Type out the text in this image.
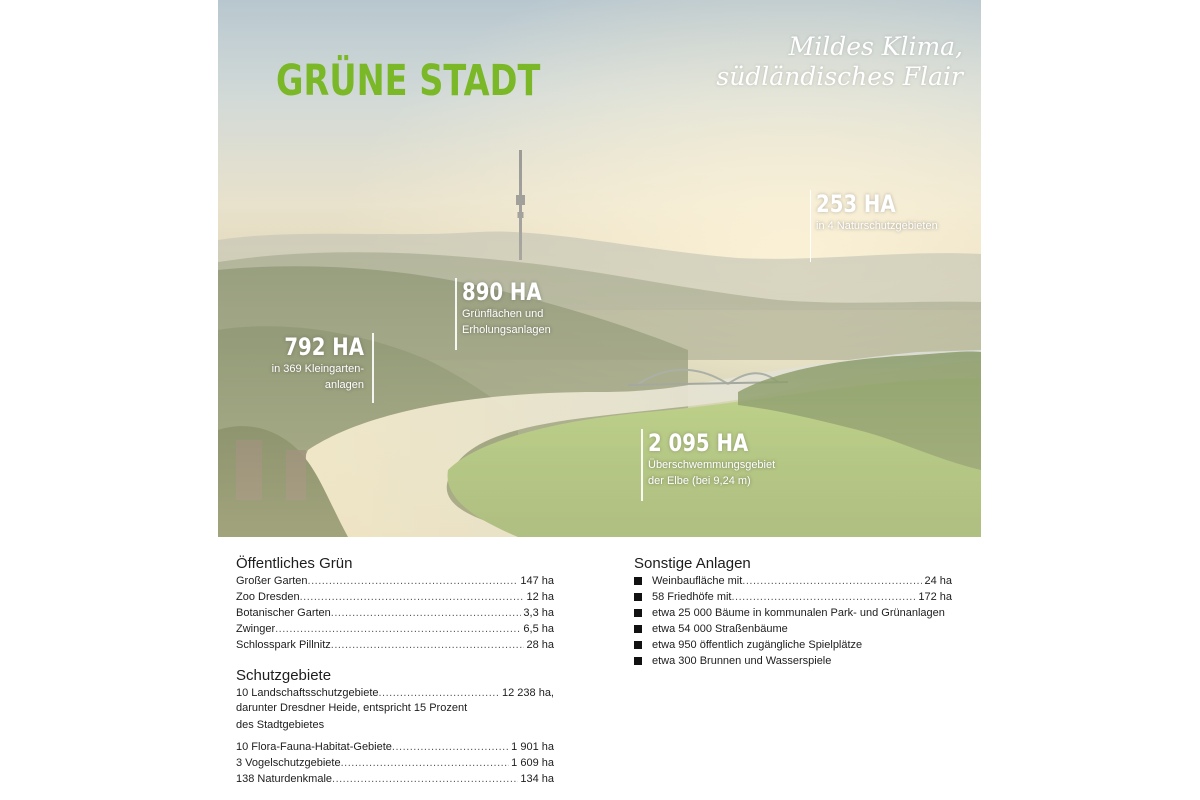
GRÜNE STADT
Mildes Klima,
südländisches Flair
253 HA
in 4 Naturschutzgebieten
890 HA
Grünflächen und
Erholungsanlagen
792 HA
in 369 Kleingarten-
anlagen
2 095 HA
Überschwemmungsgebiet
der Elbe (bei 9,24 m)
Öffentliches Grün
Großer Garten .....	147 ha
Zoo Dresden .....	12 ha
Botanischer Garten .....	3,3 ha
Zwinger .....	6,5 ha
Schlosspark Pillnitz .....	28 ha
Schutzgebiete
10 Landschaftsschutzgebiete .....	12 238 ha,
darunter Dresdner Heide, entspricht 15 Prozent
des Stadtgebietes
10 Flora-Fauna-Habitat-Gebiete .....	1 901 ha
3 Vogelschutzgebiete .....	1 609 ha
138 Naturdenkmale .....	134 ha
Sonstige Anlagen
Weinbaufläche mit .....	24 ha
58 Friedhöfe mit .....	172 ha
etwa 25 000 Bäume in kommunalen Park- und Grünanlagen
etwa 54 000 Straßenbäume
etwa 950 öffentlich zugängliche Spielplätze
etwa 300 Brunnen und Wasserspiele
